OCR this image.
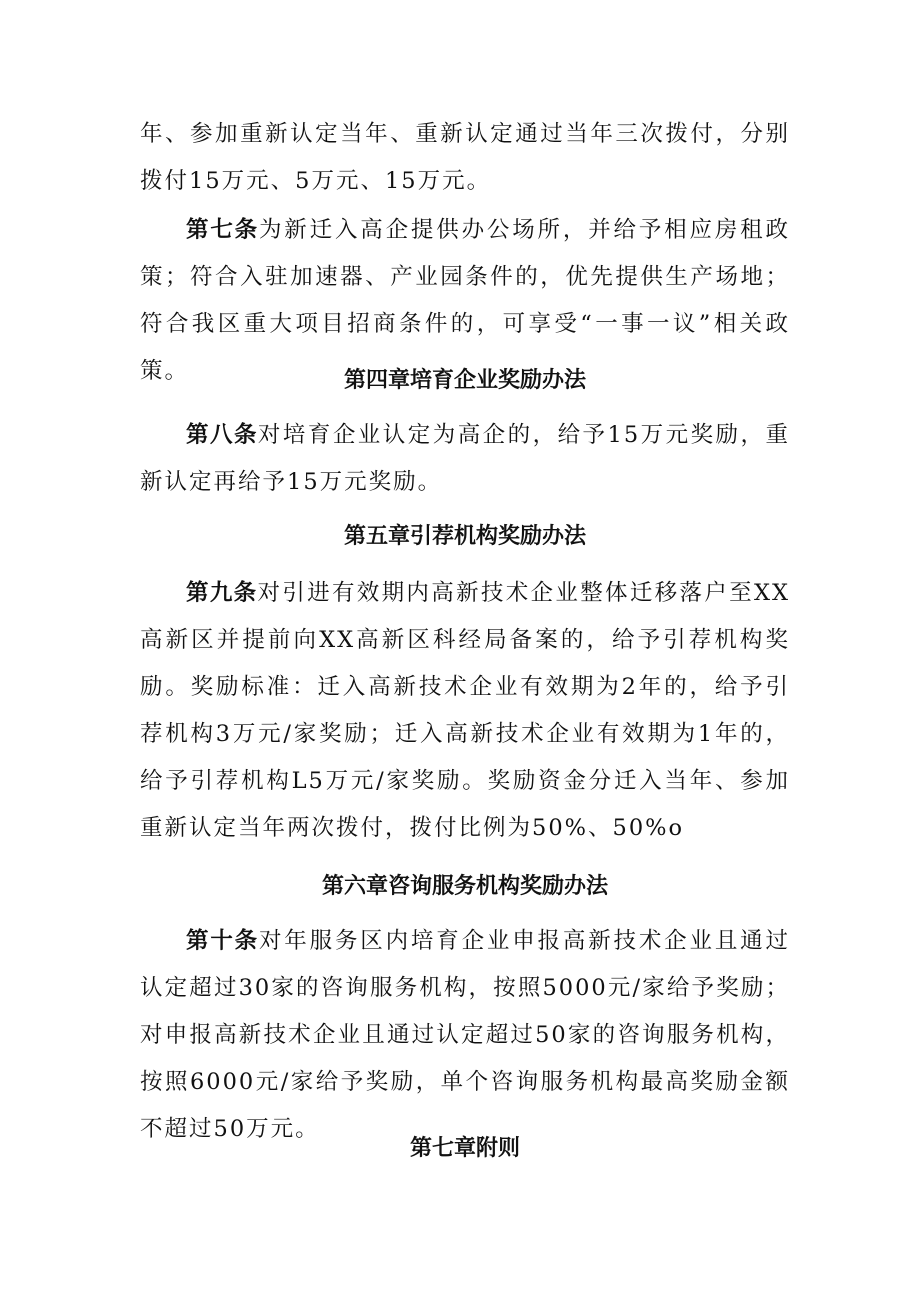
年、参加重新认定当年、重新认定通过当年三次拨付，分别拨付15万元、5万元、15万元。

第七条为新迁入高企提供办公场所，并给予相应房租政策；符合入驻加速器、产业园条件的，优先提供生产场地；符合我区重大项目招商条件的，可享受“一事一议”相关政策。	第四章培育企业奖励办法

第八条对培育企业认定为高企的，给予15万元奖励，重新认定再给予15万元奖励。

第五章引荐机构奖励办法

第九条对引进有效期内高新技术企业整体迁移落户至XX高新区并提前向XX高新区科经局备案的，给予引荐机构奖励。奖励标准：迁入高新技术企业有效期为2年的，给予引荐机构3万元/家奖励；迁入高新技术企业有效期为1年的，给予引荐机构L5万元/家奖励。奖励资金分迁入当年、参加重新认定当年两次拨付，拨付比例为50%、50%o

第六章咨询服务机构奖励办法

第十条对年服务区内培育企业申报高新技术企业且通过认定超过30家的咨询服务机构，按照5000元/家给予奖励；对申报高新技术企业且通过认定超过50家的咨询服务机构，按照6000元/家给予奖励，单个咨询服务机构最高奖励金额不超过50万元。

第七章附则
